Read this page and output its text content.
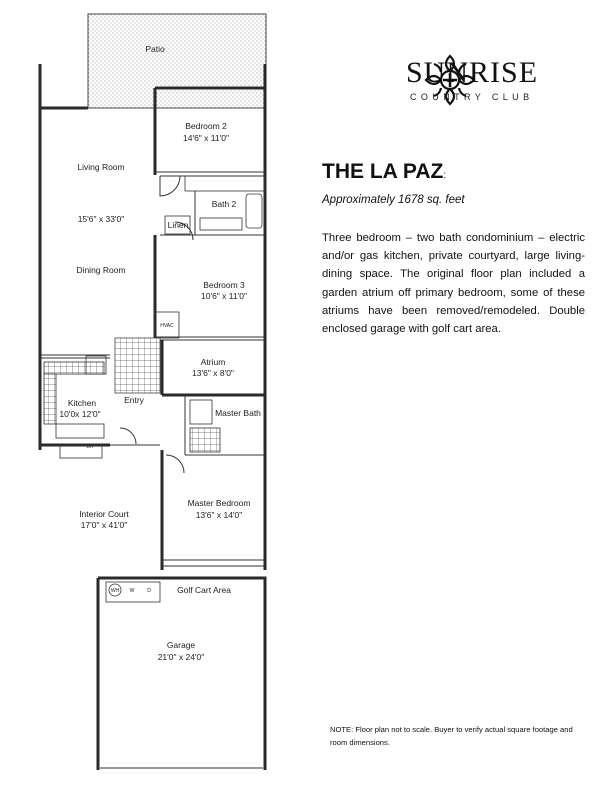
Patio
Bedroom 2
14'6" x 11'0"
Living Room
15'6" x 33'0"
Dining Room
Bath 2
Linen
Bedroom 3
10'6" x 11'0"
HVAC
Atrium
13'6" x 8'0"
Kitchen
10'0x 12'0"
Entry
DR
Master Bath
Master Bedroom
13'6" x 14'0"
Interior Court
17'0" x 41'0"
WH W	D	Golf Cart Area
Garage
21'0" x 24'0"
SUNRISE
COUNTRY CLUB
THE LA PAZ:
Approximately 1678 sq. feet

Three bedroom – two bath condominium – electric and/or gas kitchen, private courtyard, large living-dining space. The original floor plan included a garden atrium off primary bedroom, some of these atriums have been removed/remodeled. Double enclosed garage with golf cart area.

NOTE: Floor plan not to scale. Buyer to verify actual square footage and room dimensions.
